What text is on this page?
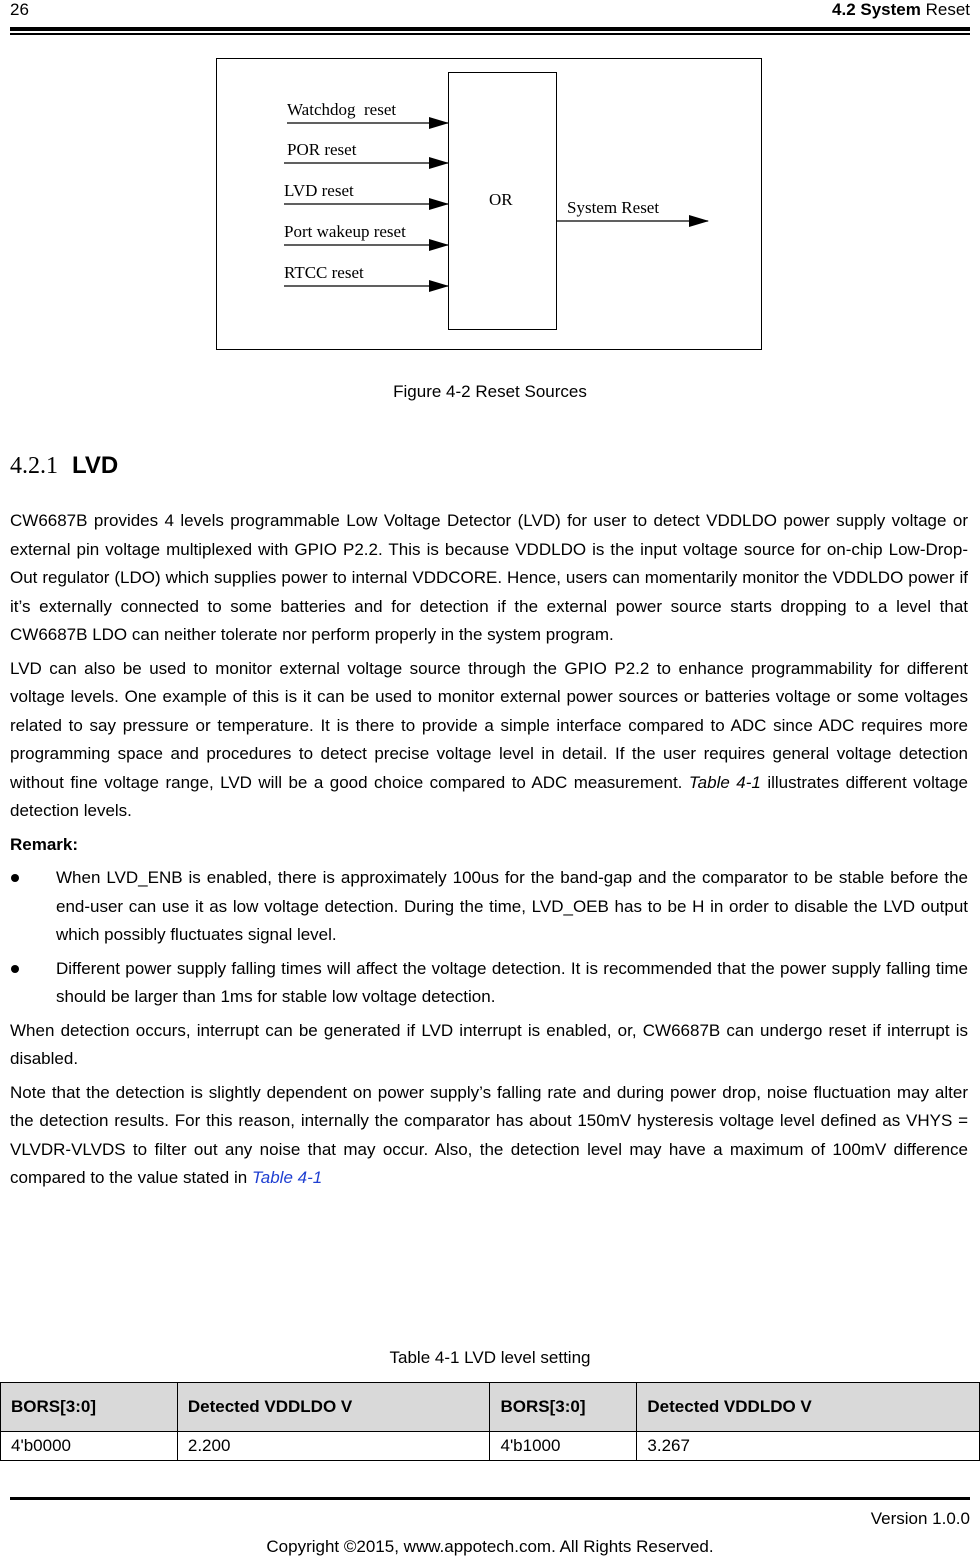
26	4.2 System Reset
OR
Watchdog  reset
POR reset
LVD reset
Port wakeup reset
RTCC reset
System Reset
Figure 4-2 Reset Sources
4.2.1 LVD

CW6687B provides 4 levels programmable Low Voltage Detector (LVD) for user to detect VDDLDO power supply voltage or external pin voltage multiplexed with GPIO P2.2. This is because VDDLDO is the input voltage source for on-chip Low-Drop-Out regulator (LDO) which supplies power to internal VDDCORE. Hence, users can momentarily monitor the VDDLDO power if it’s externally connected to some batteries and for detection if the external power source starts dropping to a level that CW6687B LDO can neither tolerate nor perform properly in the system program.

LVD can also be used to monitor external voltage source through the GPIO P2.2 to enhance programmability for different voltage levels. One example of this is it can be used to monitor external power sources or batteries voltage or some voltages related to say pressure or temperature. It is there to provide a simple interface compared to ADC since ADC requires more programming space and procedures to detect precise voltage level in detail. If the user requires general voltage detection without fine voltage range, LVD will be a good choice compared to ADC measurement. Table 4-1 illustrates different voltage detection levels.

Remark:
When LVD_ENB is enabled, there is approximately 100us for the band-gap and the comparator to be stable before the end-user can use it as low voltage detection. During the time, LVD_OEB has to be H in order to disable the LVD output which possibly fluctuates signal level.
Different power supply falling times will affect the voltage detection. It is recommended that the power supply falling time should be larger than 1ms for stable low voltage detection.

When detection occurs, interrupt can be generated if LVD interrupt is enabled, or, CW6687B can undergo reset if interrupt is disabled.

Note that the detection is slightly dependent on power supply’s falling rate and during power drop, noise fluctuation may alter the detection results. For this reason, internally the comparator has about 150mV hysteresis voltage level defined as VHYS = VLVDR-VLVDS to filter out any noise that may occur. Also, the detection level may have a maximum of 100mV difference compared to the value stated in Table 4-1

Table 4-1 LVD level setting
BORS[3:0]	Detected VDDLDO V	BORS[3:0]	Detected VDDLDO V
4'b0000	2.200	4'b1000	3.267
Version 1.0.0
Copyright ©2015, www.appotech.com. All Rights Reserved.
